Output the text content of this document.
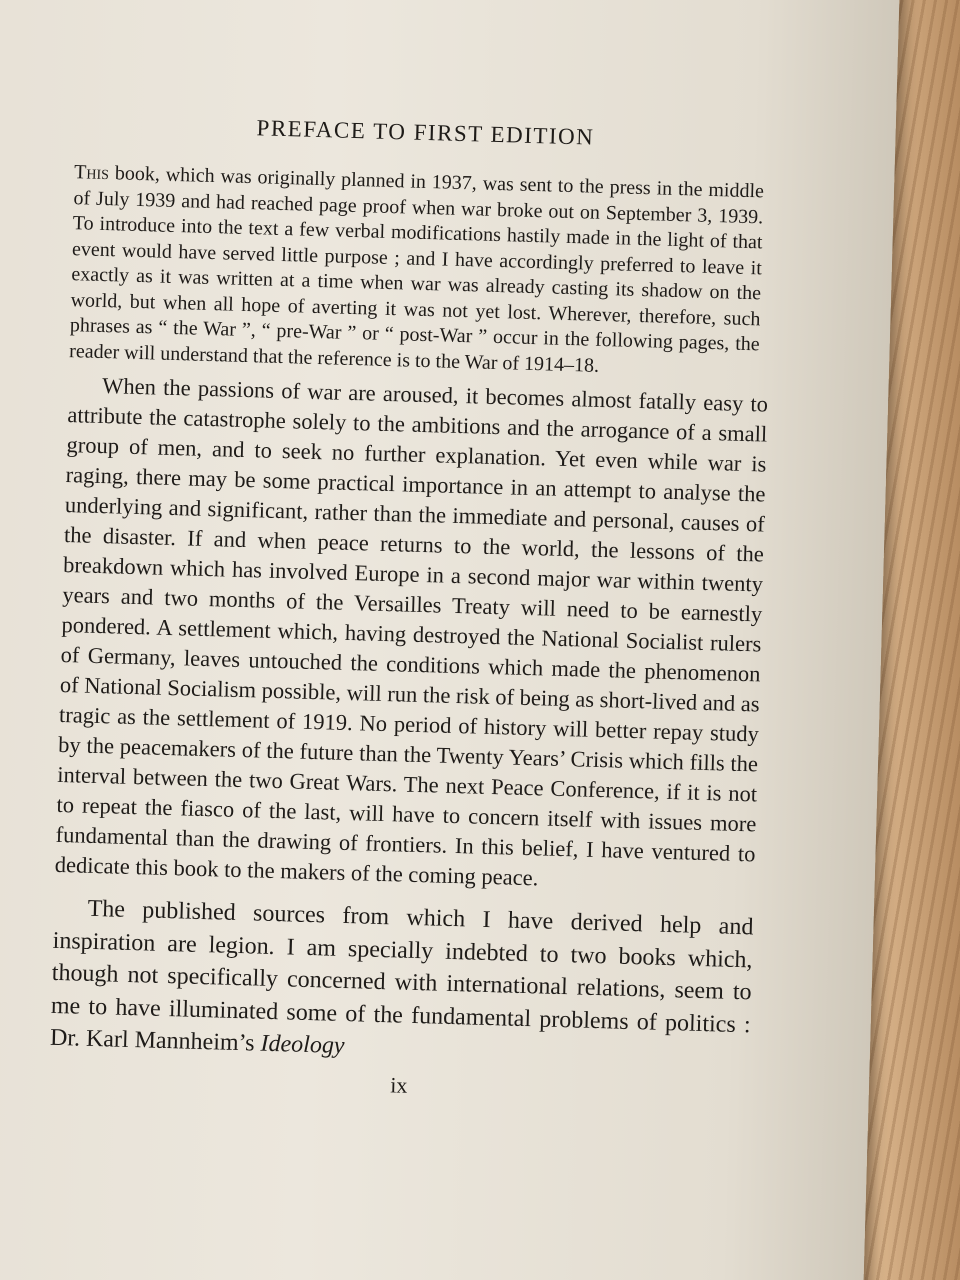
PREFACE TO FIRST EDITION

This book, which was originally planned in 1937, was sent to the press in the middle of July 1939 and had reached page proof when war broke out on September 3, 1939. To introduce into the text a few verbal modifications hastily made in the light of that event would have served little purpose ; and I have accordingly preferred to leave it exactly as it was written at a time when war was already casting its shadow on the world, but when all hope of averting it was not yet lost. Wherever, therefore, such phrases as “ the War ”, “ pre-War ” or “ post-War ” occur in the following pages, the reader will understand that the reference is to the War of 1914–18.

When the passions of war are aroused, it becomes almost fatally easy to attribute the catastrophe solely to the ambitions and the arrogance of a small group of men, and to seek no further explanation. Yet even while war is raging, there may be some practical importance in an attempt to analyse the underlying and significant, rather than the immediate and personal, causes of the disaster. If and when peace returns to the world, the lessons of the breakdown which has involved Europe in a second major war within twenty years and two months of the Versailles Treaty will need to be earnestly pondered. A settlement which, having destroyed the National Socialist rulers of Germany, leaves untouched the conditions which made the phenomenon of National Socialism possible, will run the risk of being as short-lived and as tragic as the settlement of 1919. No period of history will better repay study by the peacemakers of the future than the Twenty Years’ Crisis which fills the interval between the two Great Wars. The next Peace Conference, if it is not to repeat the fiasco of the last, will have to concern itself with issues more fundamental than the drawing of frontiers. In this belief, I have ventured to dedicate this book to the makers of the coming peace.

The published sources from which I have derived help and inspiration are legion. I am specially indebted to two books which, though not specifically concerned with international relations, seem to me to have illuminated some of the fundamental problems of politics : Dr. Karl Mannheim’s Ideology

ix
